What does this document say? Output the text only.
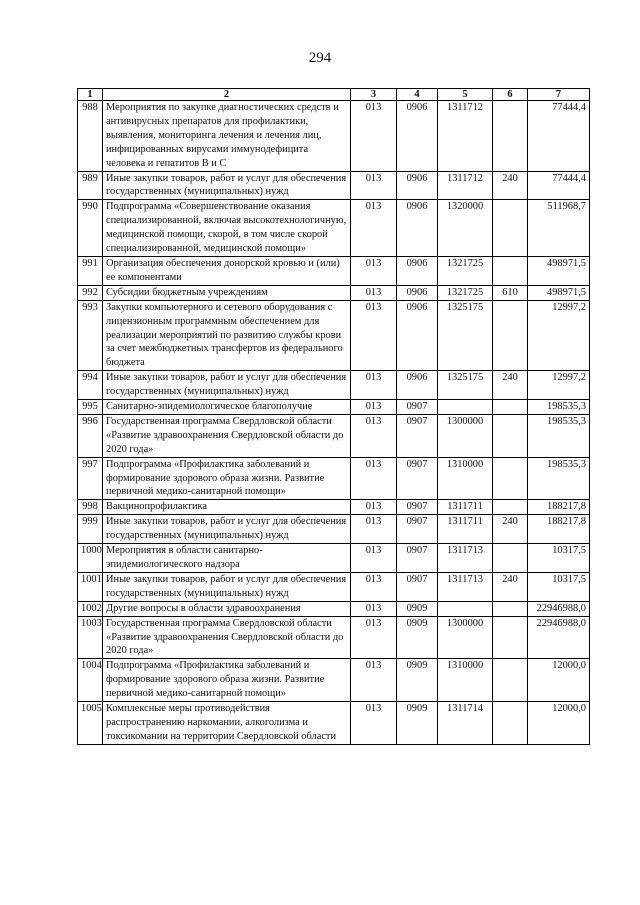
294
1	2	3	4	5	6	7
988	Мероприятия по закупке диагностических средств и антивирусных препаратов для профилактики, выявления, мониторинга лечения и лечения лиц, инфицированных вирусами иммунодефицита человека и гепатитов В и С	013	0906	1311712		77444,4
989	Иные закупки товаров, работ и услуг для обеспечения государственных (муниципальных) нужд	013	0906	1311712	240	77444,4
990	Подпрограмма «Совершенствование оказания специализированной, включая высокотехнологичную, медицинской помощи, скорой, в том числе скорой специализированной, медицинской помощи»	013	0906	1320000		511968,7
991	Организация обеспечения донорской кровью и (или) ее компонентами	013	0906	1321725		498971,5
992	Субсидии бюджетным учреждениям	013	0906	1321725	610	498971,5
993	Закупки компьютерного и сетевого оборудования с лицензионным программным обеспечением для реализации мероприятий по развитию службы крови за счет межбюджетных трансфертов из федерального бюджета	013	0906	1325175		12997,2
994	Иные закупки товаров, работ и услуг для обеспечения государственных (муниципальных) нужд	013	0906	1325175	240	12997,2
995	Санитарно-эпидемиологическое благополучие	013	0907			198535,3
996	Государственная программа Свердловской области «Развитие здравоохранения Свердловской области до 2020 года»	013	0907	1300000		198535,3
997	Подпрограмма «Профилактика заболеваний и формирование здорового образа жизни. Развитие первичной медико-санитарной помощи»	013	0907	1310000		198535,3
998	Вакцинопрофилактика	013	0907	1311711		188217,8
999	Иные закупки товаров, работ и услуг для обеспечения государственных (муниципальных) нужд	013	0907	1311711	240	188217,8
1000	Мероприятия в области санитарно-эпидемиологического надзора	013	0907	1311713		10317,5
1001	Иные закупки товаров, работ и услуг для обеспечения государственных (муниципальных) нужд	013	0907	1311713	240	10317,5
1002	Другие вопросы в области здравоохранения	013	0909			22946988,0
1003	Государственная программа Свердловской области «Развитие здравоохранения Свердловской области до 2020 года»	013	0909	1300000		22946988,0
1004	Подпрограмма «Профилактика заболеваний и формирование здорового образа жизни. Развитие первичной медико-санитарной помощи»	013	0909	1310000		12000,0
1005	Комплексные меры противодействия распространению наркомании, алкоголизма и токсикомании на территории Свердловской области	013	0909	1311714		12000,0
